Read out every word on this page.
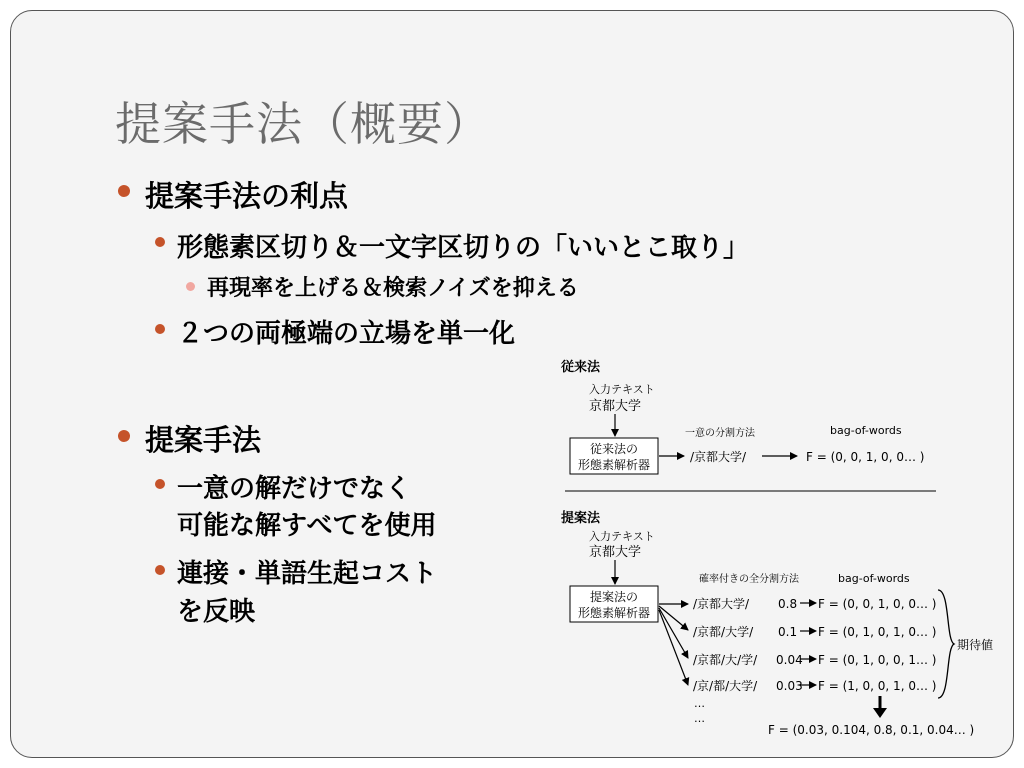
提案手法（概要）
提案手法の利点
形態素区切り＆一文字区切りの「いいとこ取り」
再現率を上げる＆検索ノイズを抑える
２つの両極端の立場を単一化
提案手法
一意の解だけでなく
可能な解すべてを使用
連接・単語生起コスト
を反映
従来法
入力テキスト
京都大学
従来法の
形態素解析器
一意の分割方法
/京都大学/
bag-of-words
F = (0, 0, 1, 0, 0… )
提案法
入力テキスト
京都大学
提案法の
形態素解析器
確率付きの全分割方法	bag-of-words
/京都大学/ 0.8 F = (0, 0, 1, 0, 0… )
/京都/大学/ 0.1 F = (0, 1, 0, 1, 0… )
/京都/大/学/ 0.04 F = (0, 1, 0, 0, 1… )
/京/都/大学/ 0.03 F = (1, 0, 0, 1, 0… )
…
…
期待値
F = (0.03, 0.104, 0.8, 0.1, 0.04… )
